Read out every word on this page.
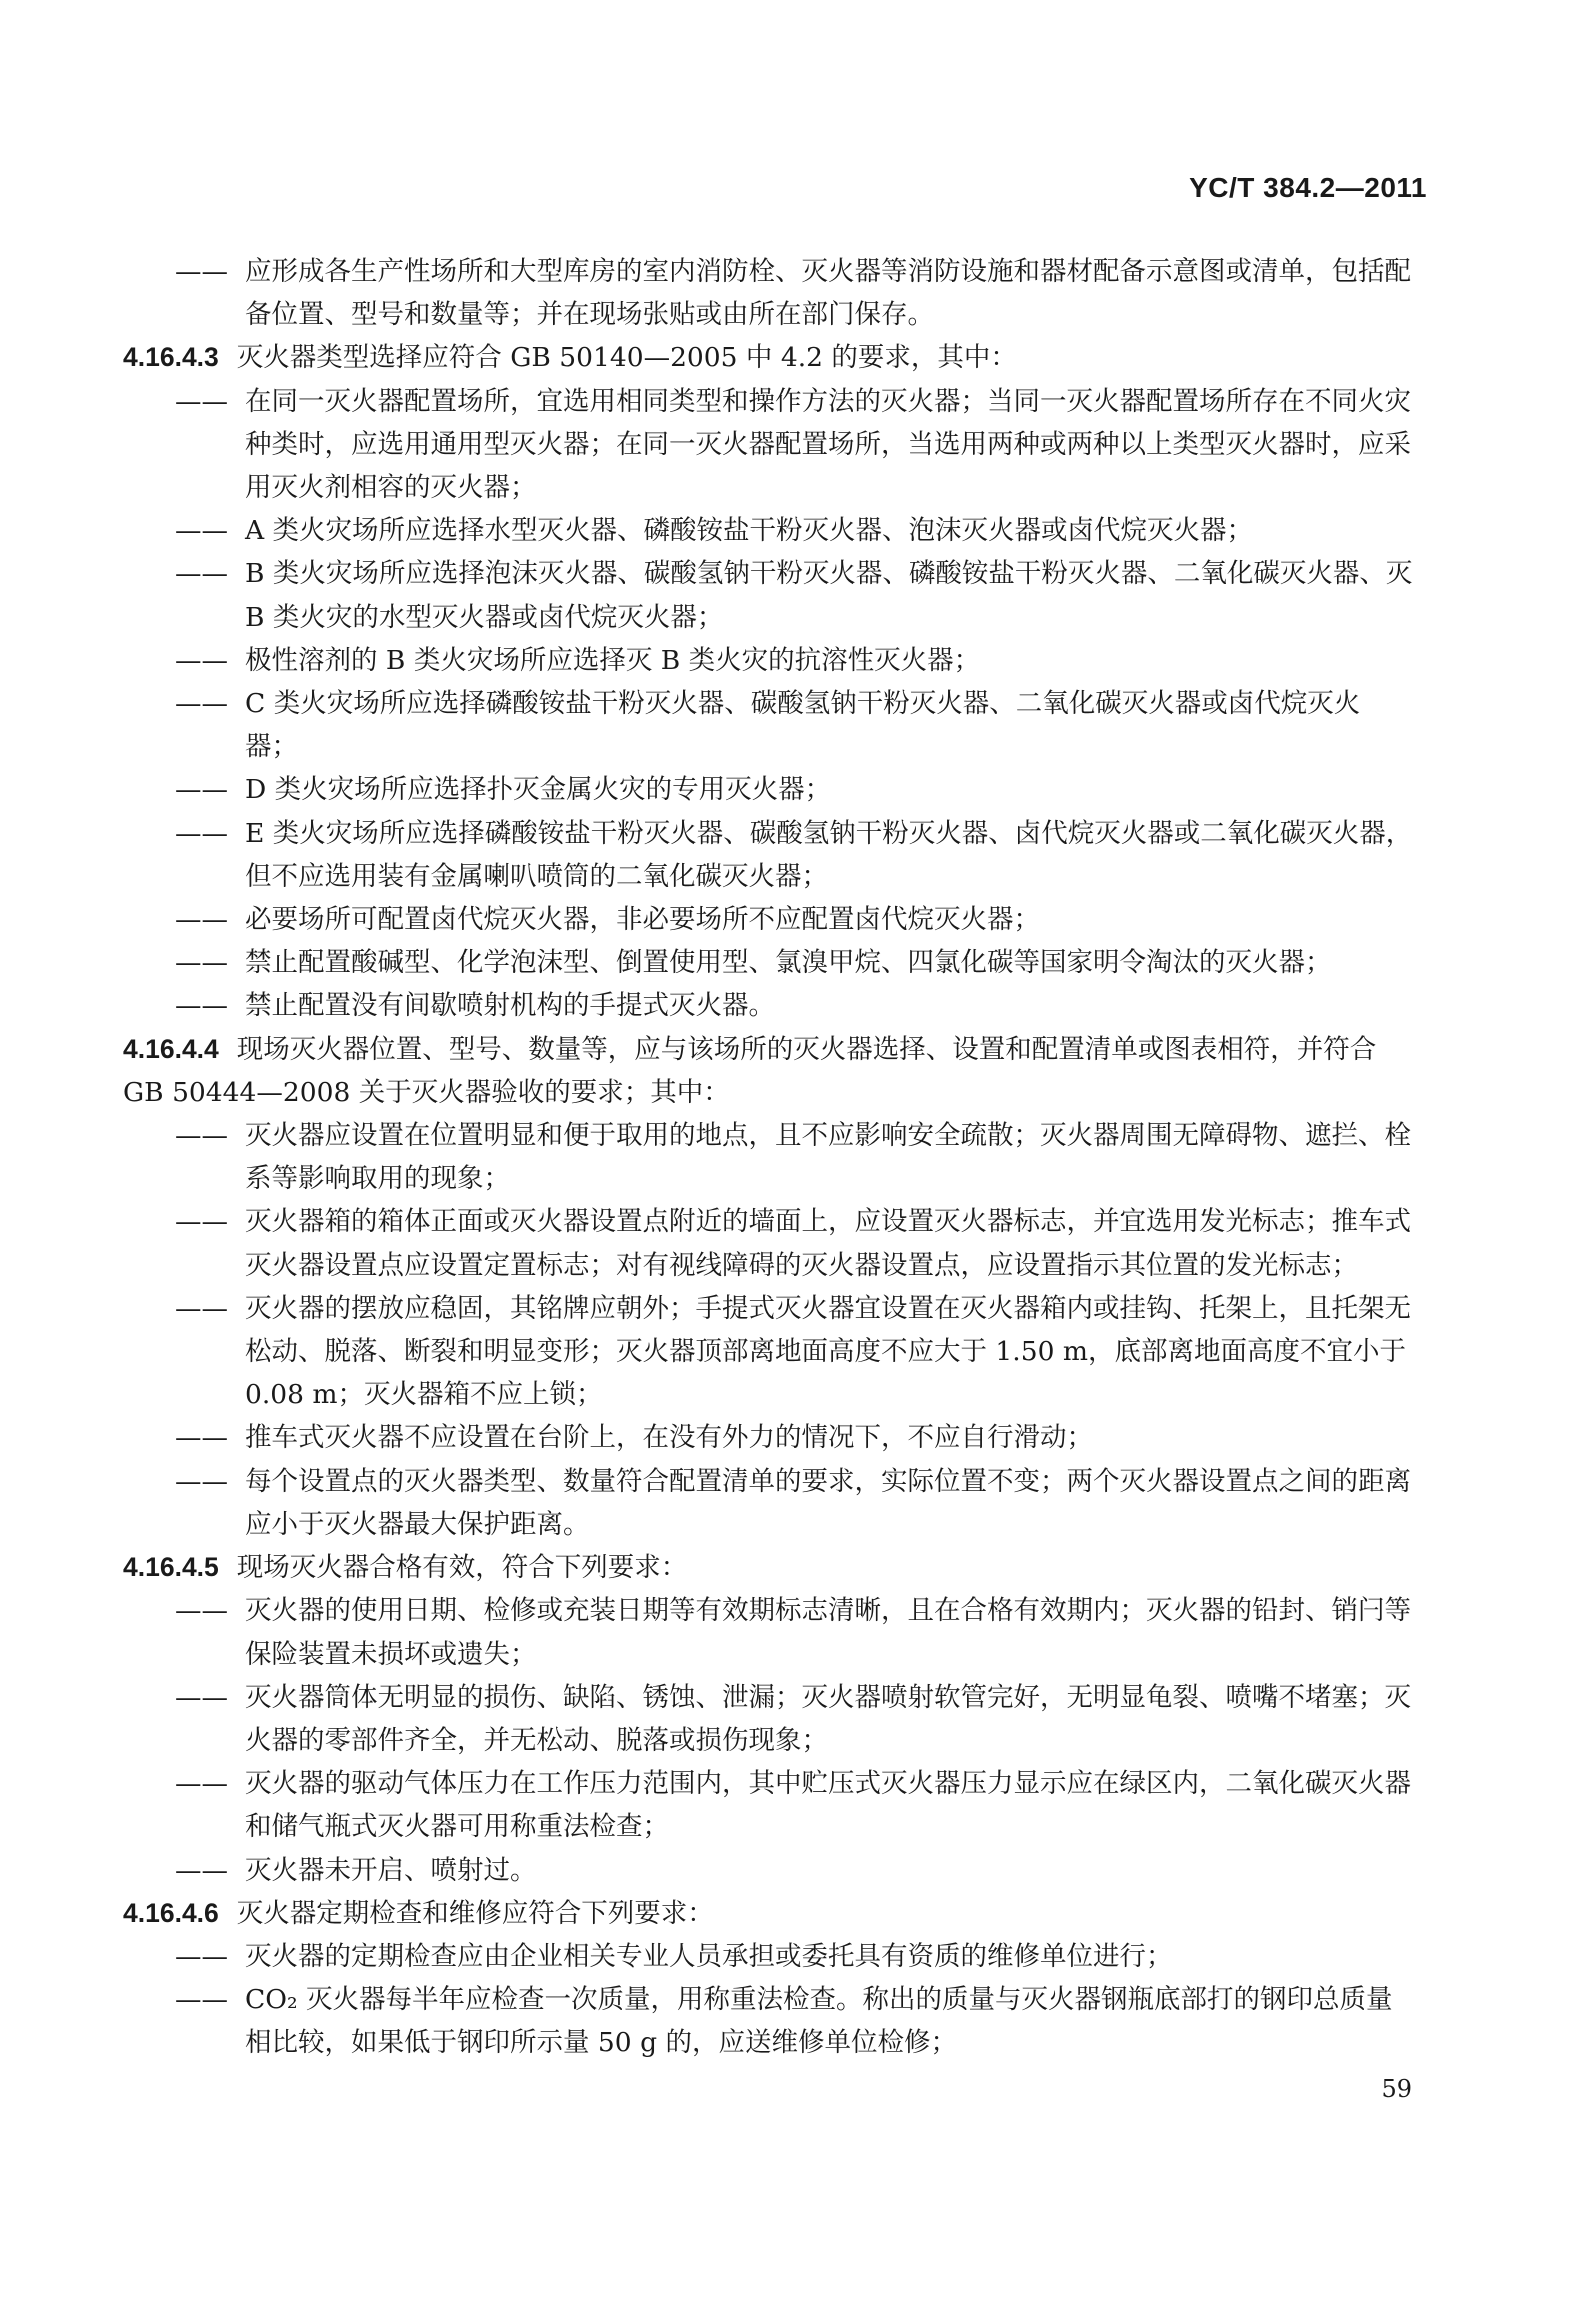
YC/T 384.2—2011

—— 应形成各生产性场所和大型库房的室内消防栓、灭火器等消防设施和器材配备示意图或清单，包括配备位置、型号和数量等；并在现场张贴或由所在部门保存。

4.16.4.3 灭火器类型选择应符合 GB 50140—2005 中 4.2 的要求，其中：

—— 在同一灭火器配置场所，宜选用相同类型和操作方法的灭火器；当同一灭火器配置场所存在不同火灾种类时，应选用通用型灭火器；在同一灭火器配置场所，当选用两种或两种以上类型灭火器时，应采用灭火剂相容的灭火器；

—— A 类火灾场所应选择水型灭火器、磷酸铵盐干粉灭火器、泡沫灭火器或卤代烷灭火器；

—— B 类火灾场所应选择泡沫灭火器、碳酸氢钠干粉灭火器、磷酸铵盐干粉灭火器、二氧化碳灭火器、灭 B 类火灾的水型灭火器或卤代烷灭火器；

—— 极性溶剂的 B 类火灾场所应选择灭 B 类火灾的抗溶性灭火器；

—— C 类火灾场所应选择磷酸铵盐干粉灭火器、碳酸氢钠干粉灭火器、二氧化碳灭火器或卤代烷灭火器；

—— D 类火灾场所应选择扑灭金属火灾的专用灭火器；

—— E 类火灾场所应选择磷酸铵盐干粉灭火器、碳酸氢钠干粉灭火器、卤代烷灭火器或二氧化碳灭火器，但不应选用装有金属喇叭喷筒的二氧化碳灭火器；

—— 必要场所可配置卤代烷灭火器，非必要场所不应配置卤代烷灭火器；

—— 禁止配置酸碱型、化学泡沫型、倒置使用型、氯溴甲烷、四氯化碳等国家明令淘汰的灭火器；

—— 禁止配置没有间歇喷射机构的手提式灭火器。

4.16.4.4 现场灭火器位置、型号、数量等，应与该场所的灭火器选择、设置和配置清单或图表相符，并符合 GB 50444—2008 关于灭火器验收的要求；其中：

—— 灭火器应设置在位置明显和便于取用的地点，且不应影响安全疏散；灭火器周围无障碍物、遮拦、栓系等影响取用的现象；

—— 灭火器箱的箱体正面或灭火器设置点附近的墙面上，应设置灭火器标志，并宜选用发光标志；推车式灭火器设置点应设置定置标志；对有视线障碍的灭火器设置点，应设置指示其位置的发光标志；

—— 灭火器的摆放应稳固，其铭牌应朝外；手提式灭火器宜设置在灭火器箱内或挂钩、托架上，且托架无松动、脱落、断裂和明显变形；灭火器顶部离地面高度不应大于 1.50 m，底部离地面高度不宜小于 0.08 m；灭火器箱不应上锁；

—— 推车式灭火器不应设置在台阶上，在没有外力的情况下，不应自行滑动；

—— 每个设置点的灭火器类型、数量符合配置清单的要求，实际位置不变；两个灭火器设置点之间的距离应小于灭火器最大保护距离。

4.16.4.5 现场灭火器合格有效，符合下列要求：

—— 灭火器的使用日期、检修或充装日期等有效期标志清晰，且在合格有效期内；灭火器的铅封、销闩等保险装置未损坏或遗失；

—— 灭火器筒体无明显的损伤、缺陷、锈蚀、泄漏；灭火器喷射软管完好，无明显龟裂、喷嘴不堵塞；灭火器的零部件齐全，并无松动、脱落或损伤现象；

—— 灭火器的驱动气体压力在工作压力范围内，其中贮压式灭火器压力显示应在绿区内，二氧化碳灭火器和储气瓶式灭火器可用称重法检查；

—— 灭火器未开启、喷射过。

4.16.4.6 灭火器定期检查和维修应符合下列要求：

—— 灭火器的定期检查应由企业相关专业人员承担或委托具有资质的维修单位进行；

—— CO₂ 灭火器每半年应检查一次质量，用称重法检查。称出的质量与灭火器钢瓶底部打的钢印总质量相比较，如果低于钢印所示量 50 g 的，应送维修单位检修；

59
